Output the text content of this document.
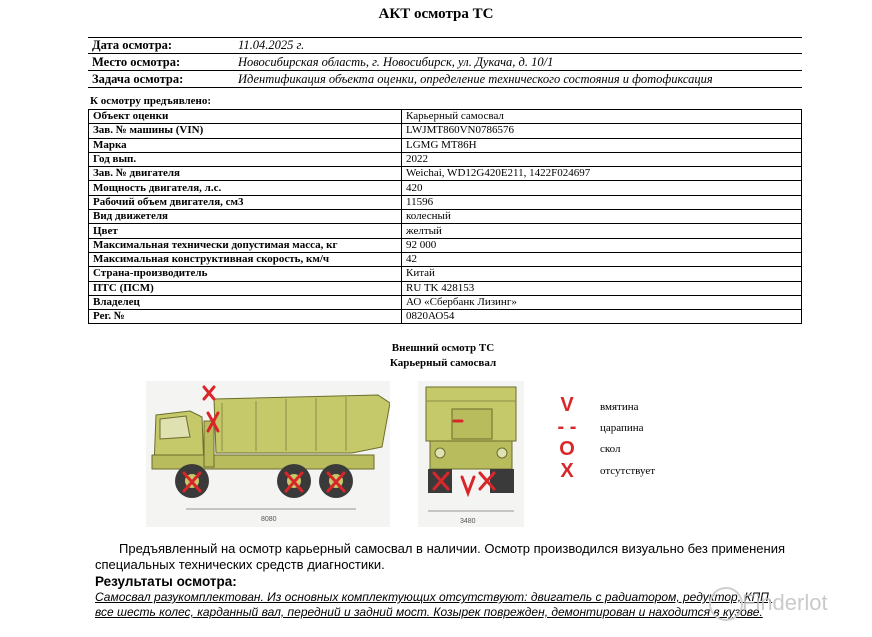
АКТ осмотра ТС
Дата осмотра:	11.04.2025 г.
Место осмотра:	Новосибирская область, г. Новосибирск, ул. Дукача, д. 10/1
Задача осмотра:	Идентификация объекта оценки, определение технического состояния и фотофиксация
К осмотру предъявлено:
Объект оценки	Карьерный самосвал
Зав. № машины (VIN)	LWJMT860VN0786576
Марка	LGMG MT86H
Год вып.	2022
Зав. № двигателя	Weichai, WD12G420E211, 1422F024697
Мощность двигателя, л.с.	420
Рабочий объем двигателя, см3	11596
Вид движетеля	колесный
Цвет	желтый
Максимальная технически допустимая масса, кг	92 000
Максимальная конструктивная скорость, км/ч	42
Страна-производитель	Китай
ПТС (ПСМ)	RU TK 428153
Владелец	АО «Сбербанк Лизинг»
Рег. №	0820АО54
Внешний осмотр ТС
Карьерный самосвал
8080	3480
V	вмятина
- - царапина
O скол
X	отсутствует
Предъявленный на осмотр карьерный самосвал в наличии. Осмотр производился визуально без применения специальных технических средств диагностики.
Результаты осмотра:
Самосвал разукомплектован. Из основных комплектующих отсутствуют: двигатель с радиатором, редуктор, КПП, все шесть колес, карданный вал, передний и задний мост. Козырек поврежден, демонтирован и находится в кузове.
Finderlot
